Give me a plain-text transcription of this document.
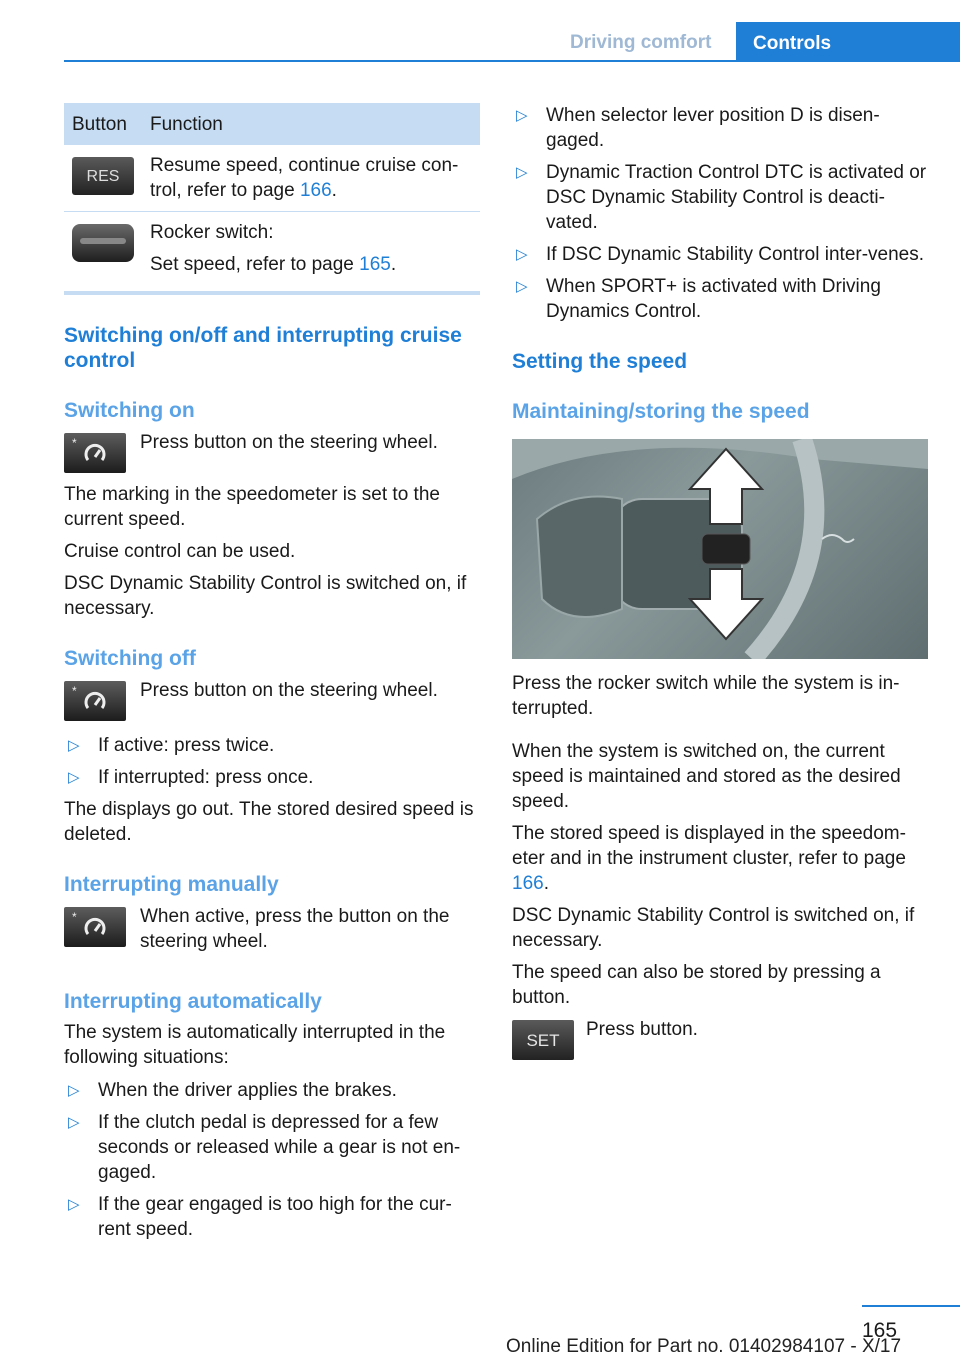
Driving comfort Controls
Button	Function

RES	Resume speed, continue cruise con-trol, refer to page 166.

	Rocker switch:

Set speed, refer to page 165.

Switching on/off and interrupting cruise control
Switching on
*	Press button on the steering wheel.

The marking in the speedometer is set to the current speed.

Cruise control can be used.

DSC Dynamic Stability Control is switched on, if necessary.

Switching off
*	Press button on the steering wheel.

▷ If active: press twice.
▷ If interrupted: press once.

The displays go out. The stored desired speed is deleted.

Interrupting manually
*	When active, press the button on the steering wheel.

Interrupting automatically

The system is automatically interrupted in the following situations:

▷ When the driver applies the brakes.
▷ If the clutch pedal is depressed for a few seconds or released while a gear is not en-gaged.
▷ If the gear engaged is too high for the cur-rent speed.
▷ When selector lever position D is disen-gaged.
▷ Dynamic Traction Control DTC is activated or DSC Dynamic Stability Control is deacti-vated.
▷ If DSC Dynamic Stability Control inter-venes.
▷ When SPORT+ is activated with Driving Dynamics Control.
Setting the speed
Maintaining/storing the speed

Press the rocker switch while the system is in-terrupted.

When the system is switched on, the current speed is maintained and stored as the desired speed.

The stored speed is displayed in the speedom-eter and in the instrument cluster, refer to page 166.

DSC Dynamic Stability Control is switched on, if necessary.

The speed can also be stored by pressing a button.

SET	Press button.

165
Online Edition for Part no. 01402984107 - X/17
